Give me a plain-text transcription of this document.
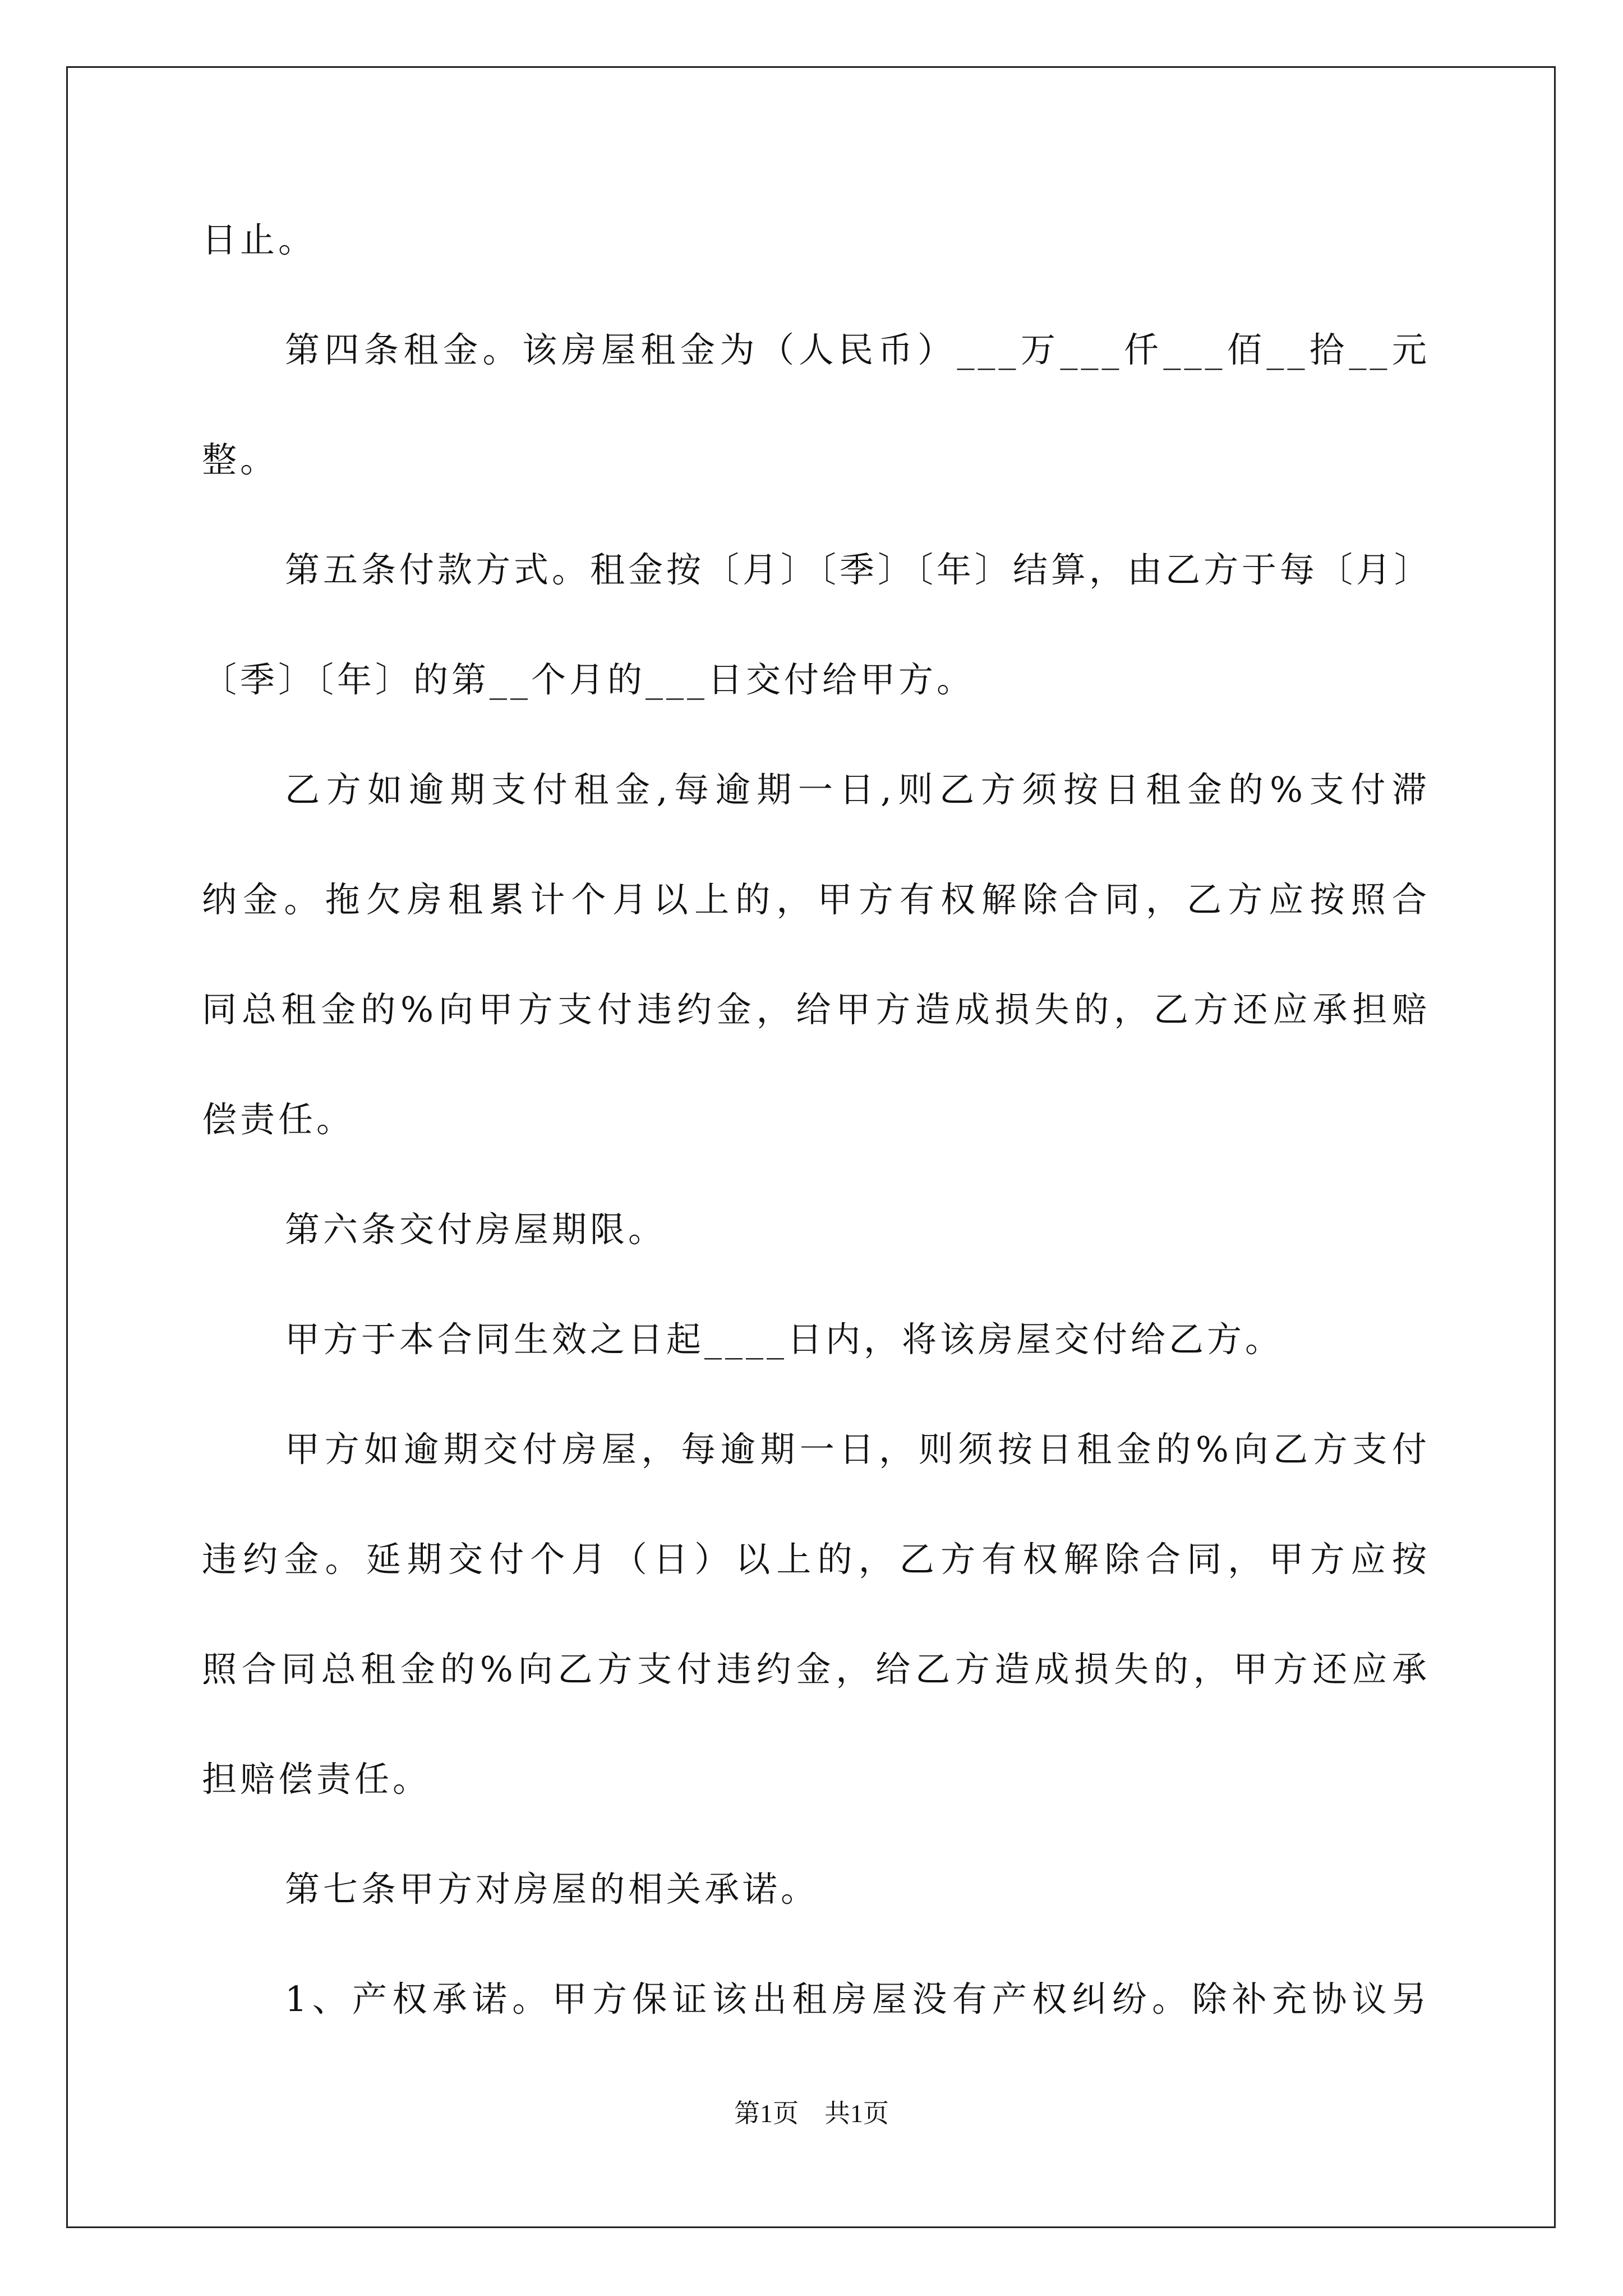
日止。
第四条租金。该房屋租金为（人民币）___万___仟___佰__拾__元
整。
第五条付款方式。租金按〔月〕〔季〕〔年〕结算，由乙方于每〔月〕
〔季〕〔年〕的第__个月的___日交付给甲方。
乙方如逾期支付租金,每逾期一日,则乙方须按日租金的%支付滞
纳金。拖欠房租累计个月以上的，甲方有权解除合同，乙方应按照合
同总租金的%向甲方支付违约金，给甲方造成损失的，乙方还应承担赔
偿责任。
第六条交付房屋期限。
甲方于本合同生效之日起____日内，将该房屋交付给乙方。
甲方如逾期交付房屋，每逾期一日，则须按日租金的%向乙方支付
违约金。延期交付个月（日）以上的，乙方有权解除合同，甲方应按
照合同总租金的%向乙方支付违约金，给乙方造成损失的，甲方还应承
担赔偿责任。
第七条甲方对房屋的相关承诺。
1、产权承诺。甲方保证该出租房屋没有产权纠纷。除补充协议另
第1页　共1页
